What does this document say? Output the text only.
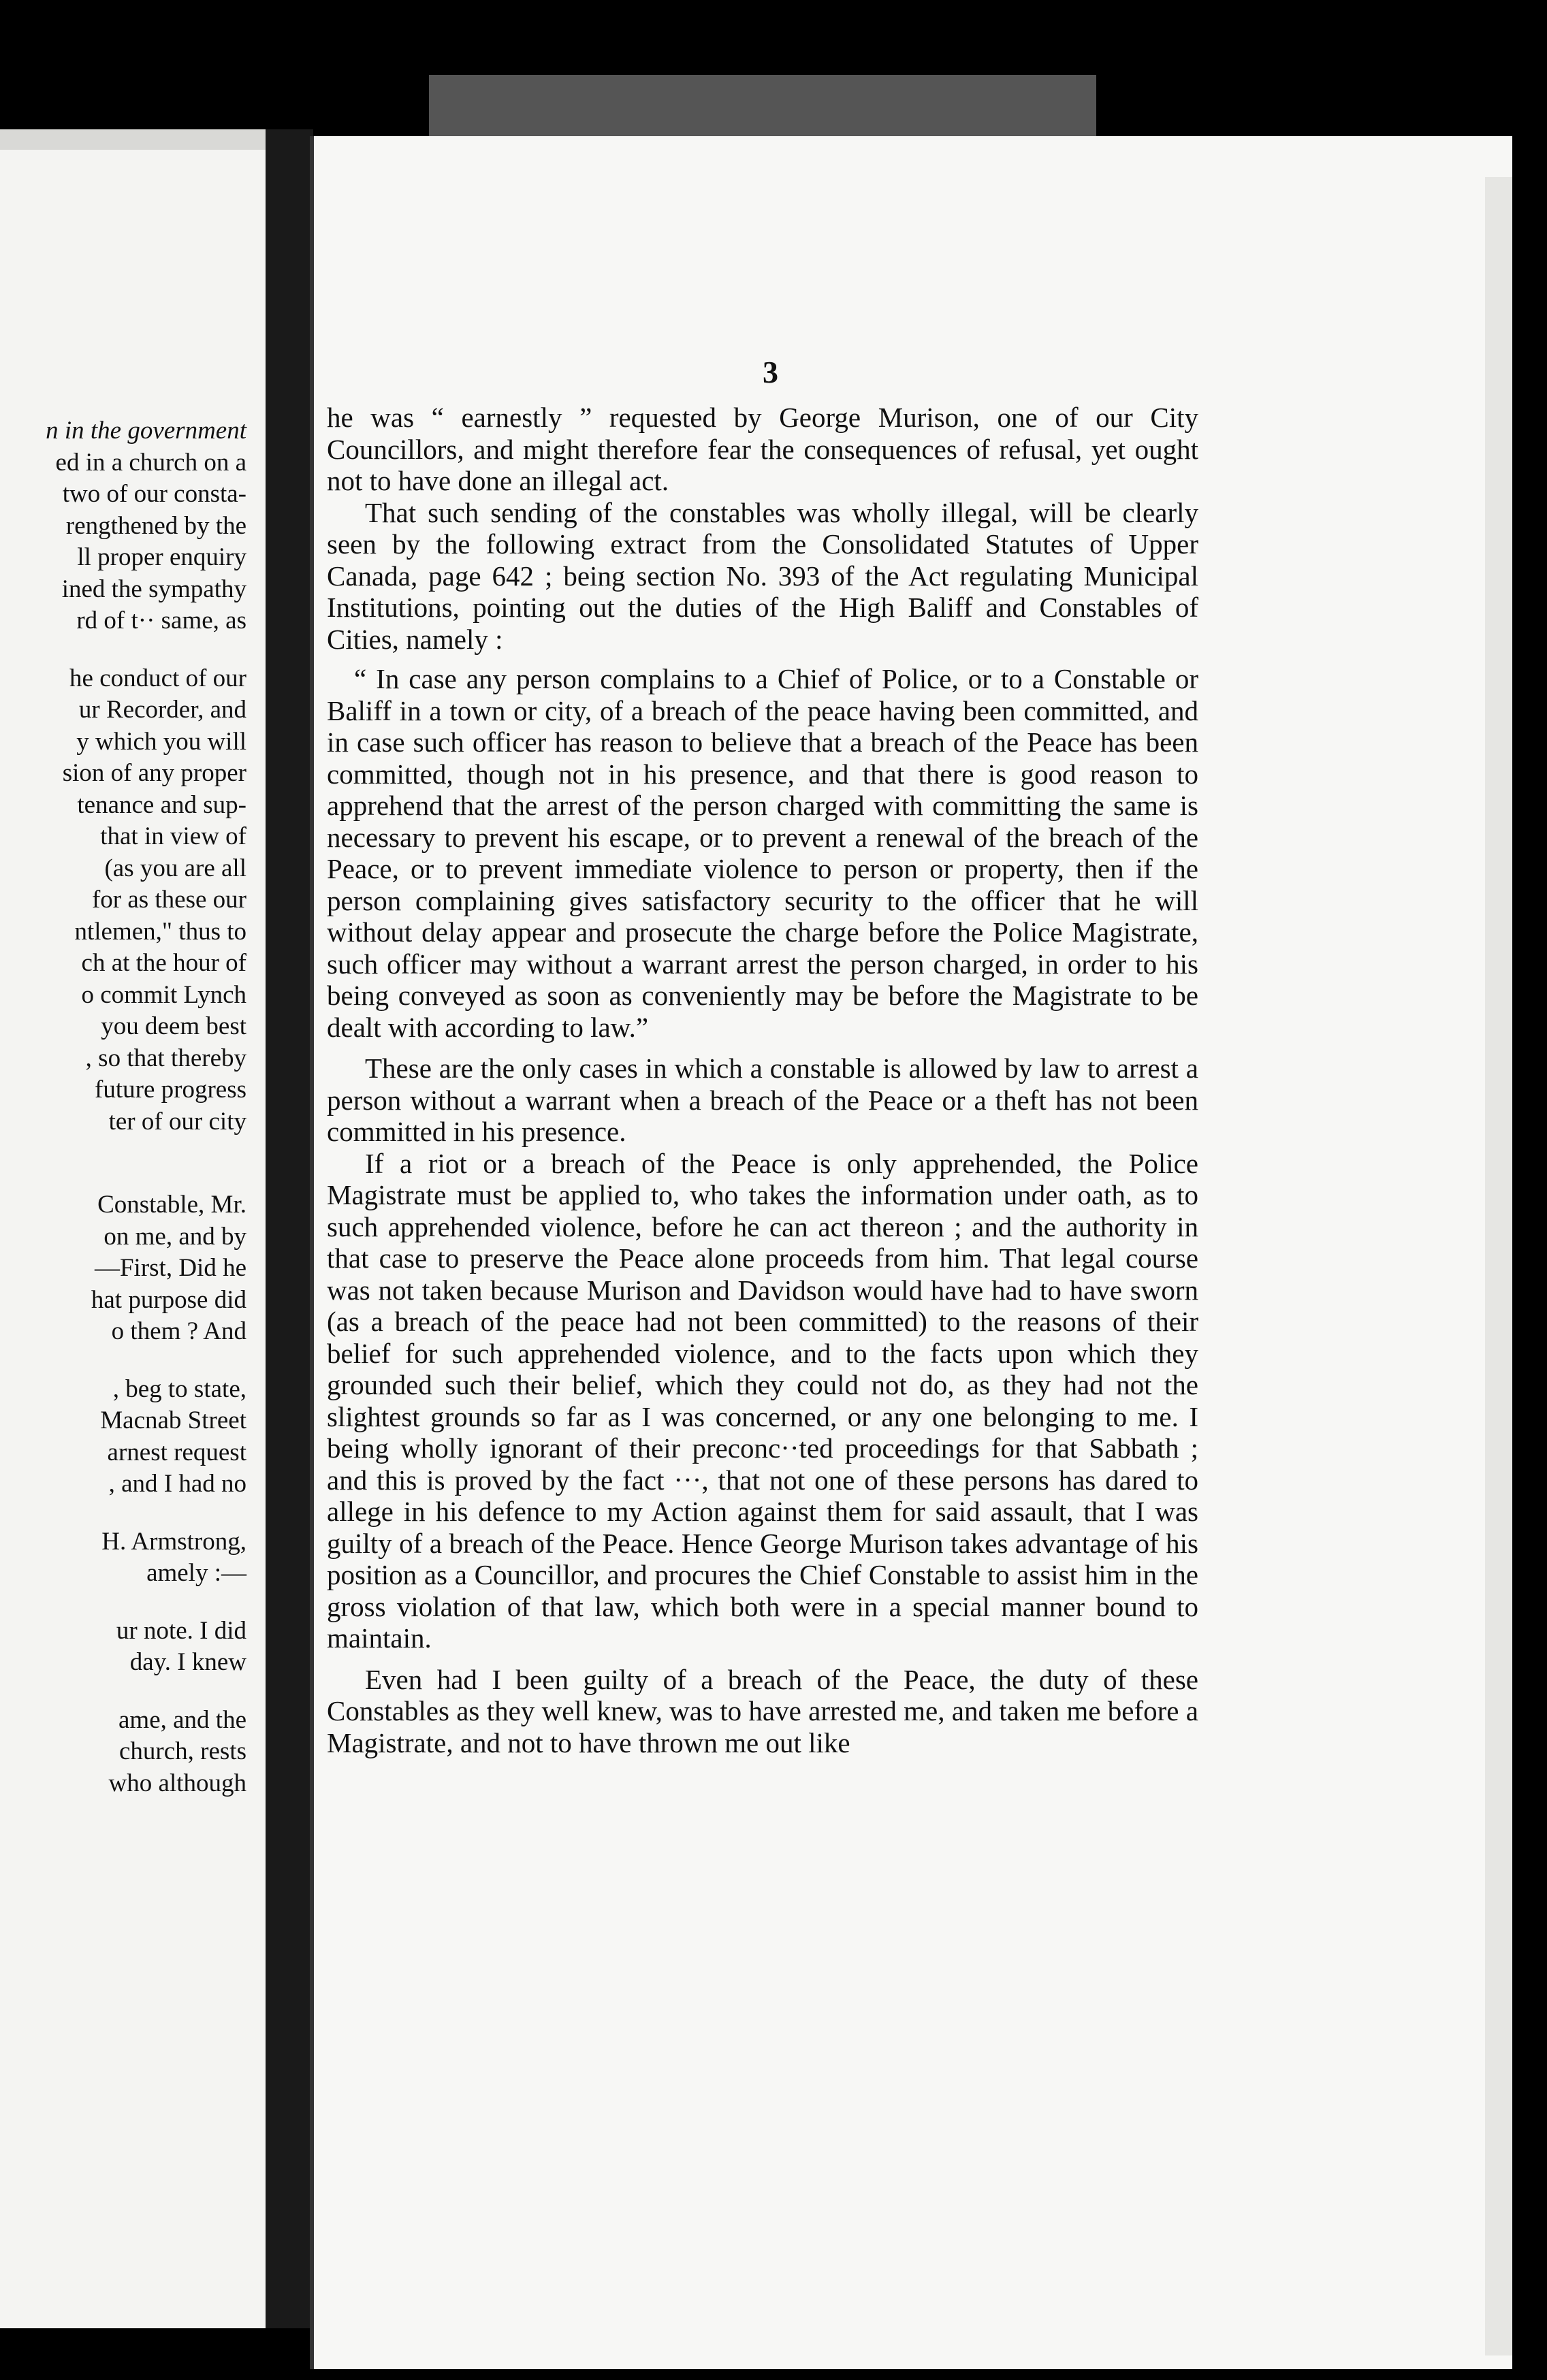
n in the government
ed in a church on a
two of our consta-
rengthened by the
ll proper enquiry
ined the sympathy
rd of t·· same, as
he conduct of our
ur Recorder, and
y which you will
sion of any proper
tenance and sup-
that in view of
(as you are all
for as these our
ntlemen," thus to
ch at the hour of
o commit Lynch
you deem best
, so that thereby
future progress
ter of our city
Constable, Mr.
on me, and by
—First, Did he
hat purpose did
o them ? And
, beg to state,
Macnab Street
arnest request
, and I had no
H. Armstrong,
amely :—
ur note. I did
day. I knew
ame, and the
church, rests
who although
3

he was “ earnestly ” requested by George Murison, one of our City Councillors, and might therefore fear the consequences of refusal, yet ought not to have done an illegal act.

That such sending of the constables was wholly illegal, will be clearly seen by the following extract from the Consolidated Statutes of Upper Canada, page 642 ; being section No. 393 of the Act regulating Municipal Institutions, pointing out the duties of the High Baliff and Constables of Cities, namely :

“ In case any person complains to a Chief of Police, or to a Constable or Baliff in a town or city, of a breach of the peace having been committed, and in case such officer has reason to believe that a breach of the Peace has been committed, though not in his presence, and that there is good reason to apprehend that the arrest of the person charged with committing the same is necessary to prevent his escape, or to prevent a renewal of the breach of the Peace, or to prevent immediate violence to person or property, then if the person complaining gives satisfactory security to the officer that he will without delay appear and prosecute the charge before the Police Magistrate, such officer may without a warrant arrest the person charged, in order to his being conveyed as soon as conveniently may be before the Magistrate to be dealt with according to law.”

These are the only cases in which a constable is allowed by law to arrest a person without a warrant when a breach of the Peace or a theft has not been committed in his presence.

If a riot or a breach of the Peace is only apprehended, the Police Magistrate must be applied to, who takes the information under oath, as to such apprehended violence, before he can act thereon ; and the authority in that case to preserve the Peace alone proceeds from him. That legal course was not taken because Murison and Davidson would have had to have sworn (as a breach of the peace had not been committed) to the reasons of their belief for such apprehended violence, and to the facts upon which they grounded such their belief, which they could not do, as they had not the slightest grounds so far as I was concerned, or any one belonging to me. I being wholly ignorant of their preconc··ted proceedings for that Sabbath ; and this is proved by the fact ···, that not one of these persons has dared to allege in his defence to my Action against them for said assault, that I was guilty of a breach of the Peace. Hence George Murison takes advantage of his position as a Councillor, and procures the Chief Constable to assist him in the gross violation of that law, which both were in a special manner bound to maintain.

Even had I been guilty of a breach of the Peace, the duty of these Constables as they well knew, was to have arrested me, and taken me before a Magistrate, and not to have thrown me out like
